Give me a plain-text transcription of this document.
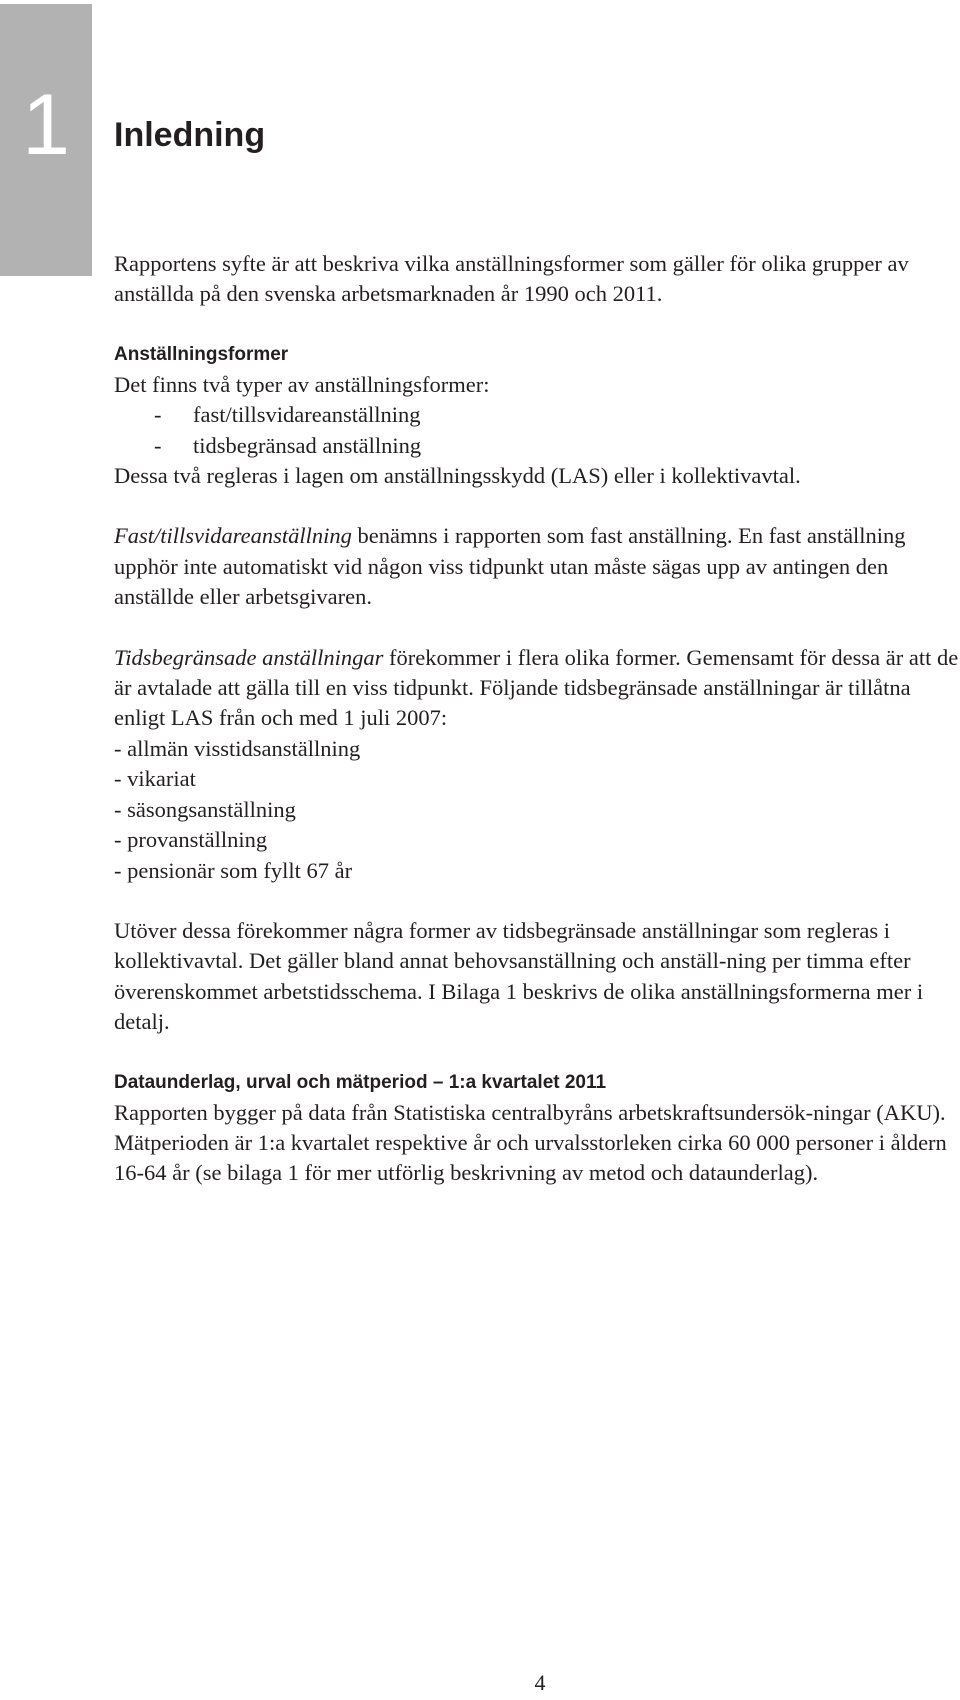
1	Inledning

Rapportens syfte är att beskriva vilka anställningsformer som gäller för olika grupper av anställda på den svenska arbetsmarknaden år 1990 och 2011.

Anställningsformer

Det finns två typer av anställningsformer:

- fast/tillsvidareanställning
- tidsbegränsad anställning

Dessa två regleras i lagen om anställningsskydd (LAS) eller i kollektivavtal.

Fast/tillsvidareanställning benämns i rapporten som fast anställning. En fast anställning upphör inte automatiskt vid någon viss tidpunkt utan måste sägas upp av antingen den anställde eller arbetsgivaren.

Tidsbegränsade anställningar förekommer i flera olika former. Gemensamt för dessa är att de är avtalade att gälla till en viss tidpunkt. Följande tidsbegränsade anställningar är tillåtna enligt LAS från och med 1 juli 2007:

- allmän visstidsanställning
- vikariat
- säsongsanställning
- provanställning
- pensionär som fyllt 67 år

Utöver dessa förekommer några former av tidsbegränsade anställningar som regleras i kollektivavtal. Det gäller bland annat behovsanställning och anställ-ning per timma efter överenskommet arbetstidsschema. I Bilaga 1 beskrivs de olika anställningsformerna mer i detalj.

Dataunderlag, urval och mätperiod – 1:a kvartalet 2011

Rapporten bygger på data från Statistiska centralbyråns arbetskraftsundersök-ningar (AKU). Mätperioden är 1:a kvartalet respektive år och urvalsstorleken cirka 60 000 personer i åldern 16-64 år (se bilaga 1 för mer utförlig beskrivning av metod och dataunderlag).

4
